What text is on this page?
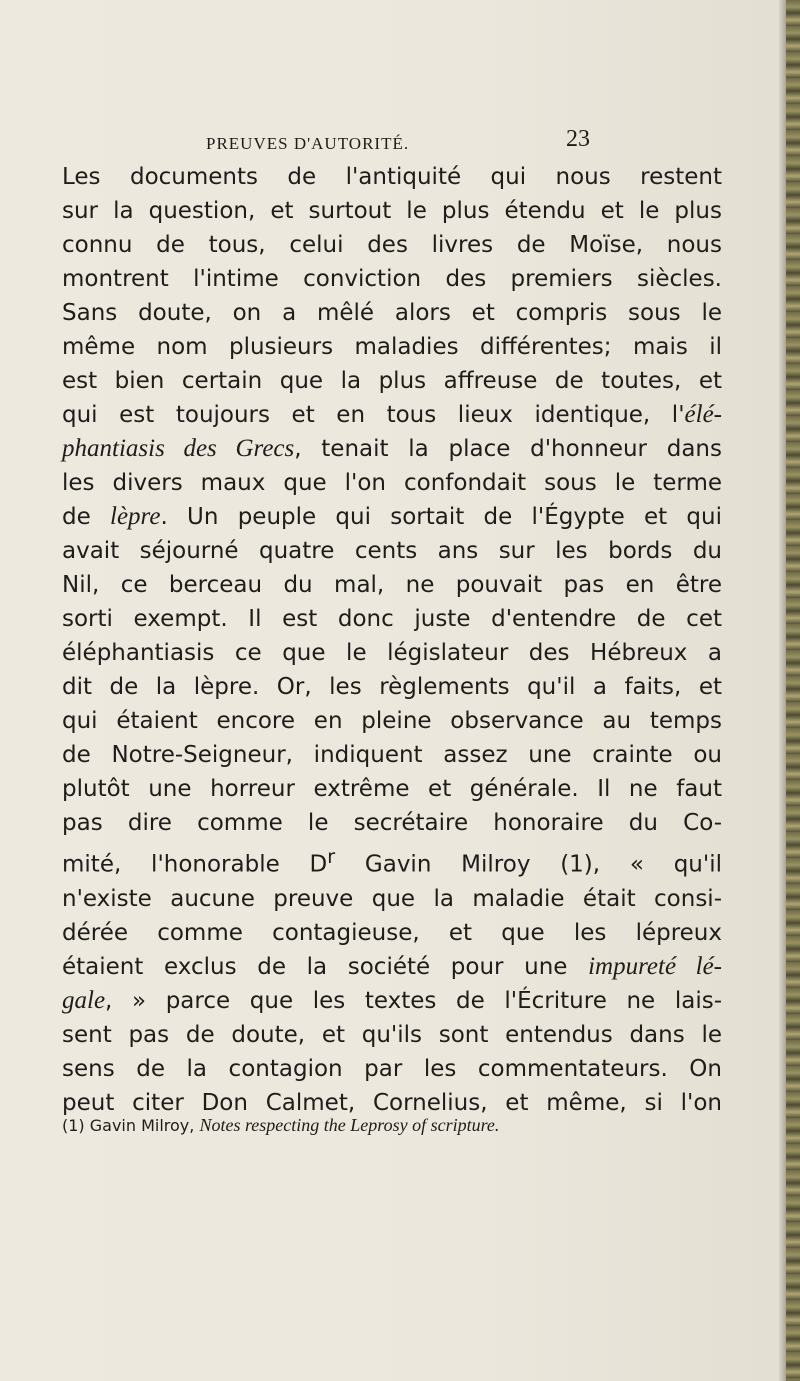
PREUVES D'AUTORITÉ.	23
Les documents de l'antiquité qui nous restent
sur la question, et surtout le plus étendu et le plus
connu de tous, celui des livres de Moïse, nous
montrent l'intime conviction des premiers siècles.
Sans doute, on a mêlé alors et compris sous le
même nom plusieurs maladies différentes; mais il
est bien certain que la plus affreuse de toutes, et
qui est toujours et en tous lieux identique, l'élé-
phantiasis des Grecs, tenait la place d'honneur dans
les divers maux que l'on confondait sous le terme
de lèpre. Un peuple qui sortait de l'Égypte et qui
avait séjourné quatre cents ans sur les bords du
Nil, ce berceau du mal, ne pouvait pas en être
sorti exempt. Il est donc juste d'entendre de cet
éléphantiasis ce que le législateur des Hébreux a
dit de la lèpre. Or, les règlements qu'il a faits, et
qui étaient encore en pleine observance au temps
de Notre-Seigneur, indiquent assez une crainte ou
plutôt une horreur extrême et générale. Il ne faut
pas dire comme le secrétaire honoraire du Co-
mité, l'honorable $D^r$ Gavin Milroy (1), « qu'il
n'existe aucune preuve que la maladie était consi-
dérée comme contagieuse, et que les lépreux
étaient exclus de la société pour une impureté lé-
gale, » parce que les textes de l'Écriture ne lais-
sent pas de doute, et qu'ils sont entendus dans le
sens de la contagion par les commentateurs. On
peut citer Don Calmet, Cornelius, et même, si l'on
(1) Gavin Milroy, Notes respecting the Leprosy of scripture.
